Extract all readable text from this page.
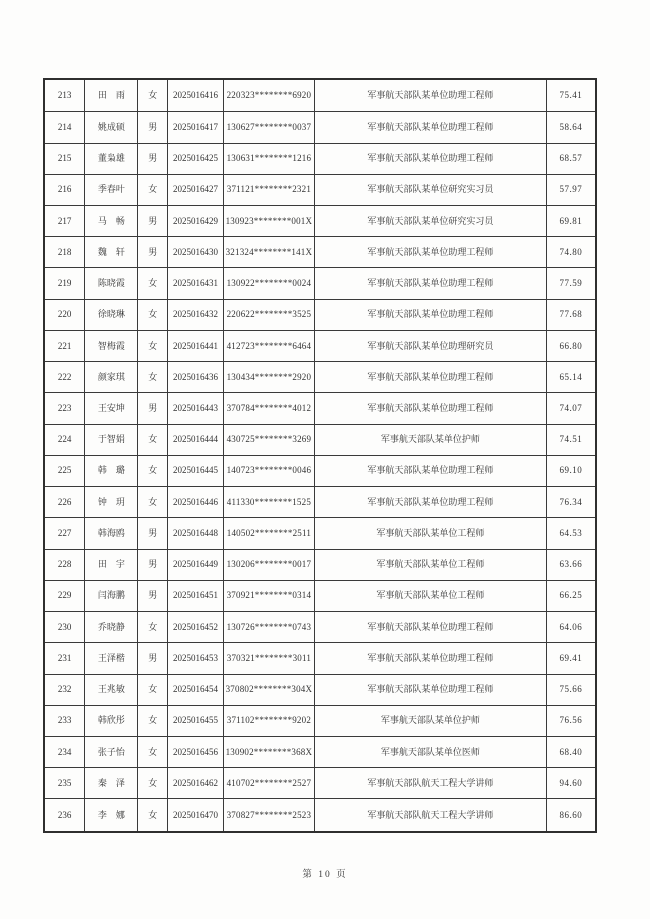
213	田　雨	女	2025016416	220323********6920	军事航天部队某单位助理工程师	75.41
214	姚成硕	男	2025016417	130627********0037	军事航天部队某单位助理工程师	58.64
215	董枭雄	男	2025016425	130631********1216	军事航天部队某单位助理工程师	68.57
216	季春叶	女	2025016427	371121********2321	军事航天部队某单位研究实习员	57.97
217	马　畅	男	2025016429	130923********001X	军事航天部队某单位研究实习员	69.81
218	魏　轩	男	2025016430	321324********141X	军事航天部队某单位助理工程师	74.80
219	陈晓霞	女	2025016431	130922********0024	军事航天部队某单位助理工程师	77.59
220	徐晓琳	女	2025016432	220622********3525	军事航天部队某单位助理工程师	77.68
221	智梅霞	女	2025016441	412723********6464	军事航天部队某单位助理研究员	66.80
222	颜家琪	女	2025016436	130434********2920	军事航天部队某单位助理工程师	65.14
223	王安坤	男	2025016443	370784********4012	军事航天部队某单位助理工程师	74.07
224	于智娟	女	2025016444	430725********3269	军事航天部队某单位护师	74.51
225	韩　璐	女	2025016445	140723********0046	军事航天部队某单位助理工程师	69.10
226	钟　玥	女	2025016446	411330********1525	军事航天部队某单位助理工程师	76.34
227	韩海鸥	男	2025016448	140502********2511	军事航天部队某单位工程师	64.53
228	田　宇	男	2025016449	130206********0017	军事航天部队某单位工程师	63.66
229	闫海鹏	男	2025016451	370921********0314	军事航天部队某单位工程师	66.25
230	乔晓静	女	2025016452	130726********0743	军事航天部队某单位助理工程师	64.06
231	王泽楷	男	2025016453	370321********3011	军事航天部队某单位助理工程师	69.41
232	王兆敏	女	2025016454	370802********304X	军事航天部队某单位助理工程师	75.66
233	韩欣彤	女	2025016455	371102********9202	军事航天部队某单位护师	76.56
234	张子怡	女	2025016456	130902********368X	军事航天部队某单位医师	68.40
235	秦　泽	女	2025016462	410702********2527	军事航天部队航天工程大学讲师	94.60
236	李　娜	女	2025016470	370827********2523	军事航天部队航天工程大学讲师	86.60
第 10 页
